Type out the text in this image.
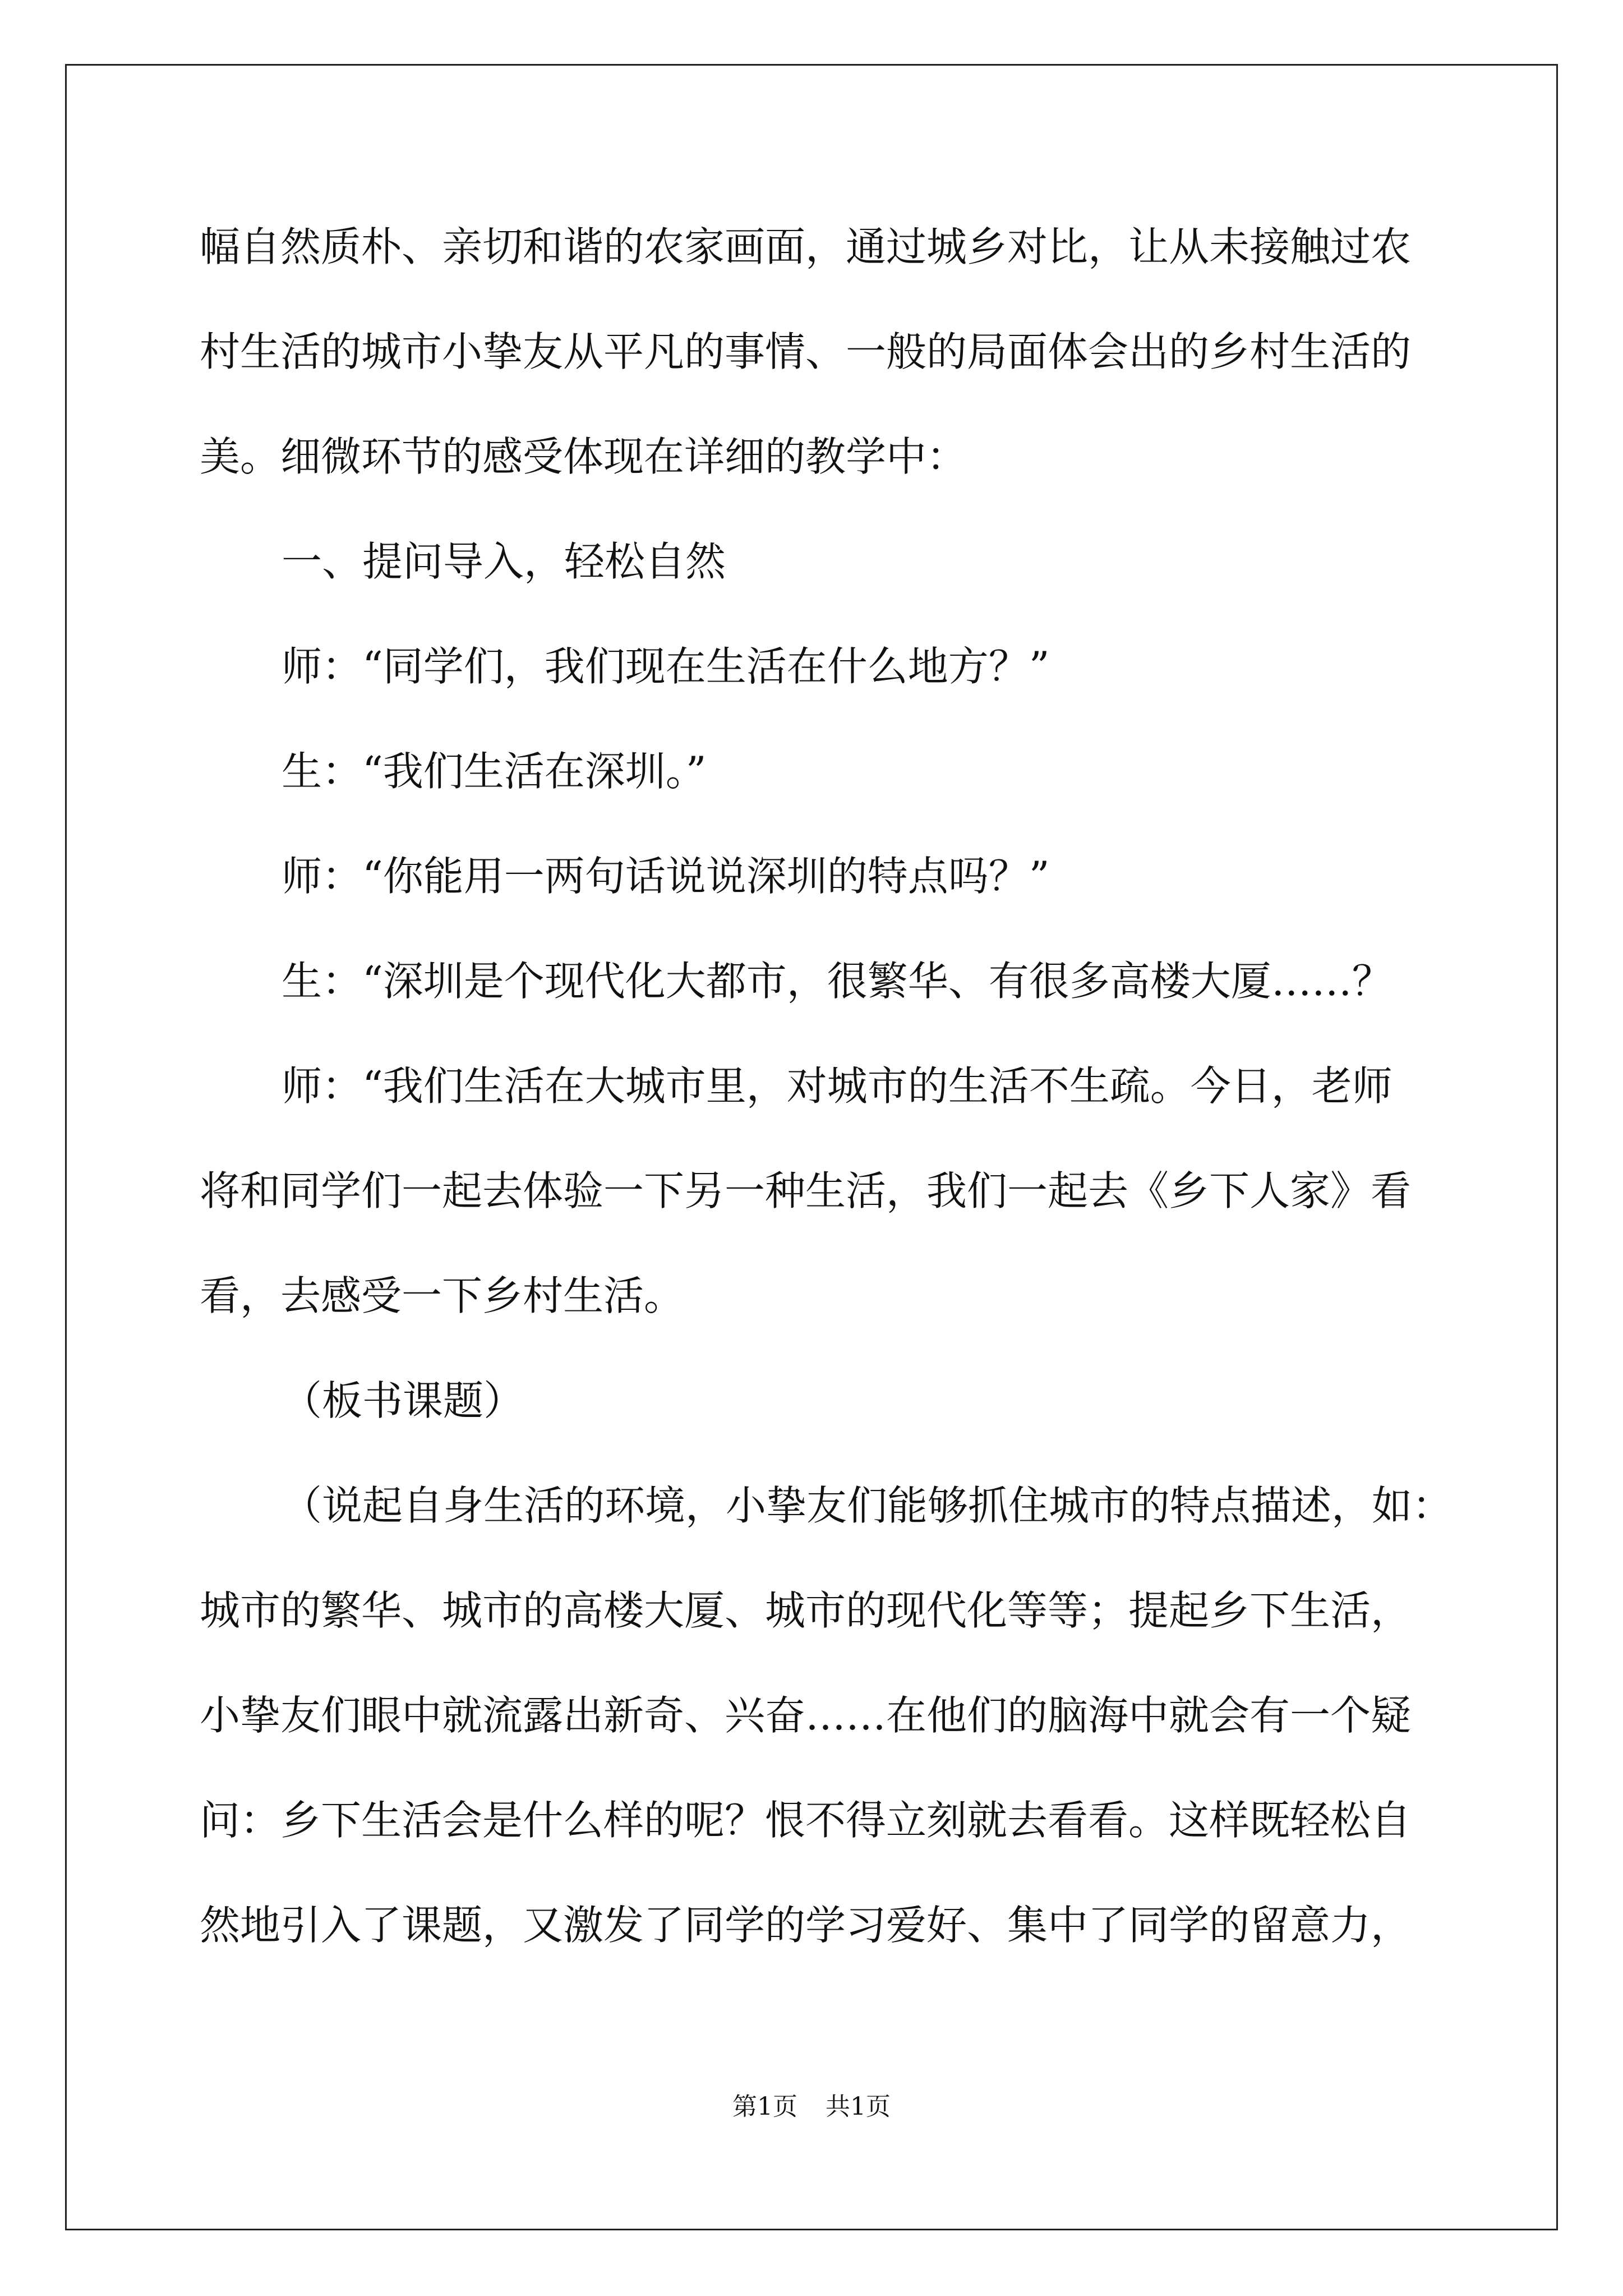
幅自然质朴、亲切和谐的农家画面，通过城乡对比，让从未接触过农
村生活的城市小挚友从平凡的事情、一般的局面体会出的乡村生活的
美。细微环节的感受体现在详细的教学中：
一、提问导入，轻松自然
师：“同学们，我们现在生活在什么地方？”
生：“我们生活在深圳。”
师：“你能用一两句话说说深圳的特点吗？”
生：“深圳是个现代化大都市，很繁华、有很多高楼大厦……？
师：“我们生活在大城市里，对城市的生活不生疏。今日，老师
将和同学们一起去体验一下另一种生活，我们一起去《乡下人家》看
看，去感受一下乡村生活。
（板书课题）
（说起自身生活的环境，小挚友们能够抓住城市的特点描述，如：
城市的繁华、城市的高楼大厦、城市的现代化等等；提起乡下生活，
小挚友们眼中就流露出新奇、兴奋……在他们的脑海中就会有一个疑
问：乡下生活会是什么样的呢？恨不得立刻就去看看。这样既轻松自
然地引入了课题，又激发了同学的学习爱好、集中了同学的留意力，
第1页 共1页
